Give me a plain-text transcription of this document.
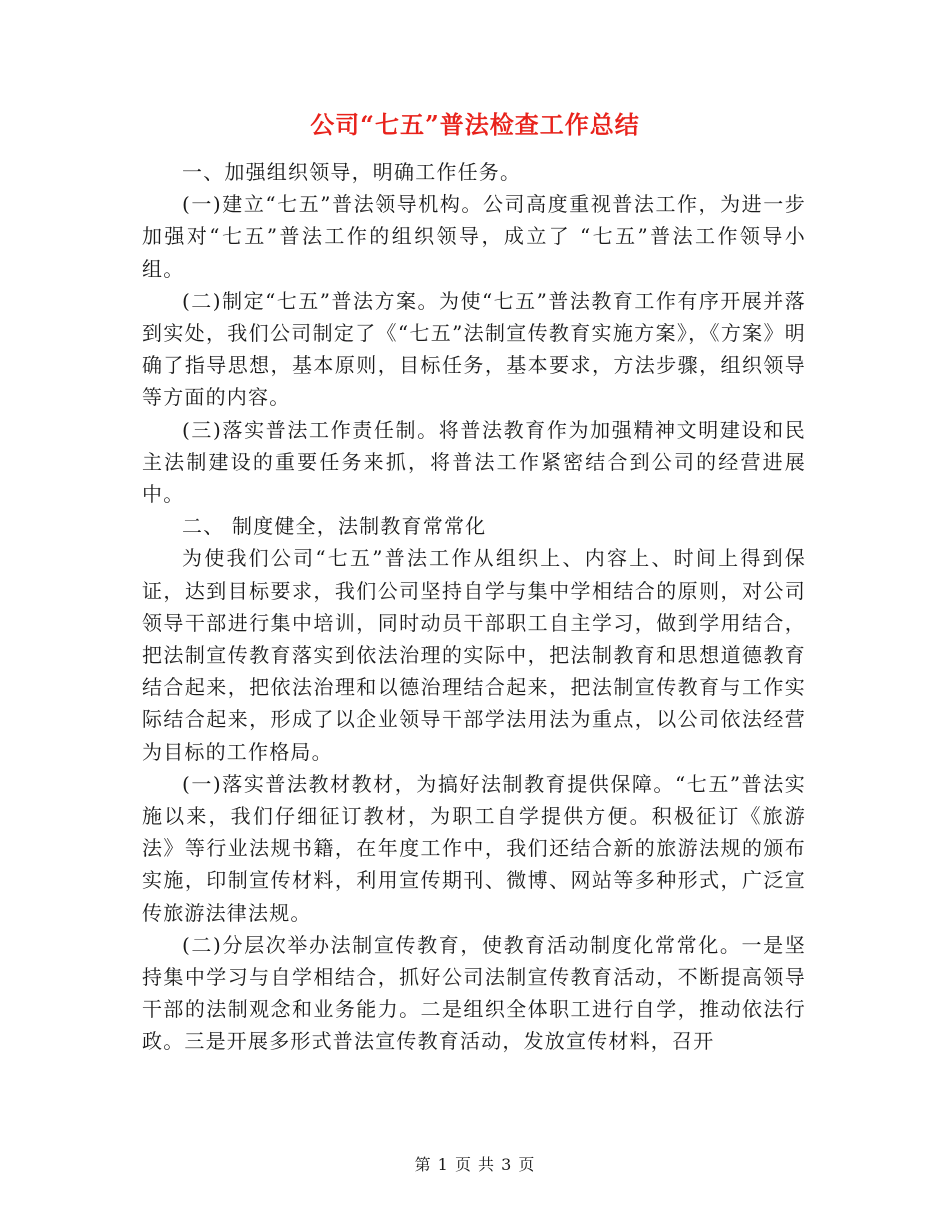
公司“七五”普法检查工作总结

一、加强组织领导，明确工作任务。

(一)建立“七五”普法领导机构。公司高度重视普法工作，为进一步加强对“七五”普法工作的组织领导，成立了 “七五”普法工作领导小组。

(二)制定“七五”普法方案。为使“七五”普法教育工作有序开展并落到实处，我们公司制定了《“七五”法制宣传教育实施方案》，《方案》明确了指导思想，基本原则，目标任务，基本要求，方法步骤，组织领导等方面的内容。

(三)落实普法工作责任制。将普法教育作为加强精神文明建设和民主法制建设的重要任务来抓，将普法工作紧密结合到公司的经营进展中。

二、 制度健全，法制教育常常化

为使我们公司“七五”普法工作从组织上、内容上、时间上得到保证，达到目标要求，我们公司坚持自学与集中学相结合的原则，对公司领导干部进行集中培训，同时动员干部职工自主学习，做到学用结合，把法制宣传教育落实到依法治理的实际中，把法制教育和思想道德教育结合起来，把依法治理和以德治理结合起来，把法制宣传教育与工作实际结合起来，形成了以企业领导干部学法用法为重点，以公司依法经营为目标的工作格局。

(一)落实普法教材教材，为搞好法制教育提供保障。“七五”普法实施以来，我们仔细征订教材，为职工自学提供方便。积极征订《旅游法》等行业法规书籍，在年度工作中，我们还结合新的旅游法规的颁布实施，印制宣传材料，利用宣传期刊、微博、网站等多种形式，广泛宣传旅游法律法规。

(二)分层次举办法制宣传教育，使教育活动制度化常常化。一是坚持集中学习与自学相结合，抓好公司法制宣传教育活动，不断提高领导干部的法制观念和业务能力。二是组织全体职工进行自学，推动依法行政。三是开展多形式普法宣传教育活动，发放宣传材料，召开

第 1 页 共 3 页
